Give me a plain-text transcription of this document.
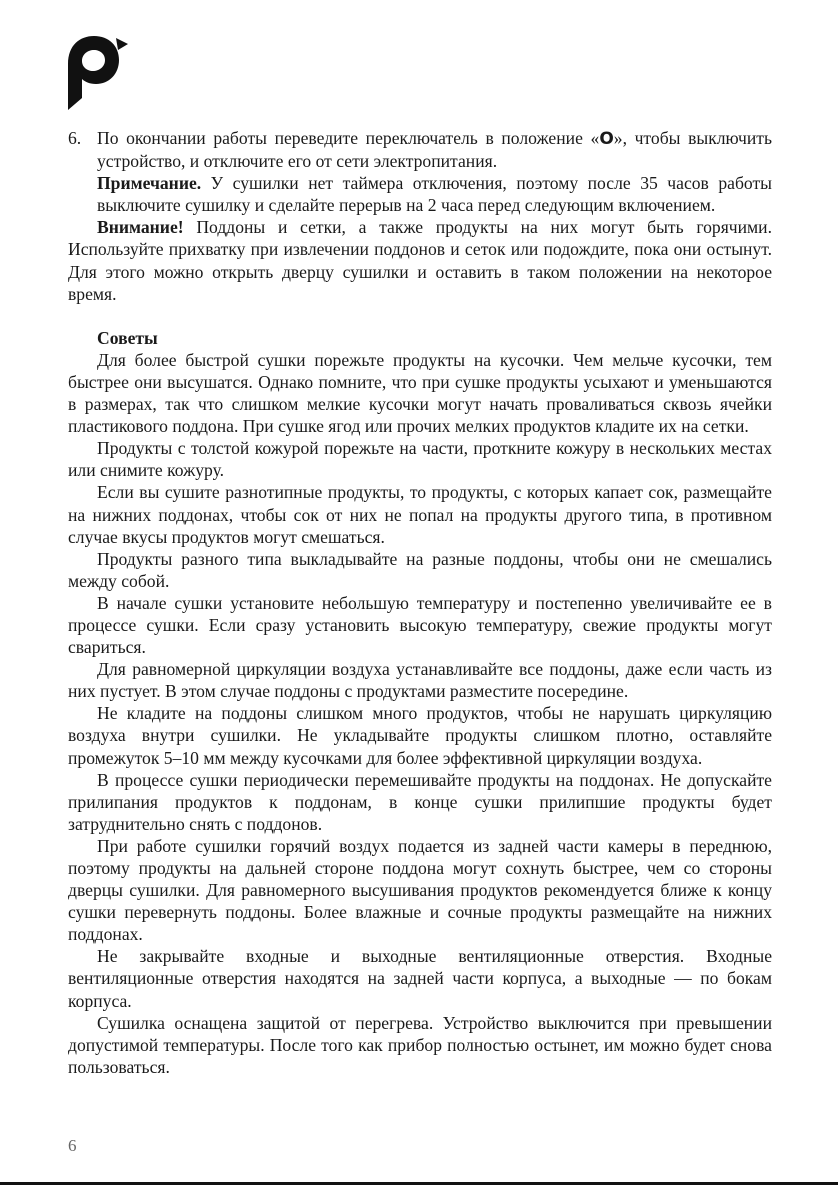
6. По окончании работы переведите переключатель в положение «O», чтобы выключить устройство, и отключите его от сети электропитания.

Примечание. У сушилки нет таймера отключения, поэтому после 35 часов работы выключите сушилку и сделайте перерыв на 2 часа перед следующим включением.

Внимание! Поддоны и сетки, а также продукты на них могут быть горячими. Используйте прихватку при извлечении поддонов и сеток или подождите, пока они остынут. Для этого можно открыть дверцу сушилки и оставить в таком положении на некоторое время.

Советы

Для более быстрой сушки порежьте продукты на кусочки. Чем мельче кусочки, тем быстрее они высушатся. Однако помните, что при сушке продукты усыхают и уменьшаются в размерах, так что слишком мелкие кусочки могут начать проваливаться сквозь ячейки пластикового поддона. При сушке ягод или прочих мелких продуктов кладите их на сетки.

Продукты с толстой кожурой порежьте на части, проткните кожуру в нескольких местах или снимите кожуру.

Если вы сушите разнотипные продукты, то продукты, с которых капает сок, размещайте на нижних поддонах, чтобы сок от них не попал на продукты другого типа, в противном случае вкусы продуктов могут смешаться.

Продукты разного типа выкладывайте на разные поддоны, чтобы они не смешались между собой.

В начале сушки установите небольшую температуру и постепенно увеличивайте ее в процессе сушки. Если сразу установить высокую температуру, свежие продукты могут свариться.

Для равномерной циркуляции воздуха устанавливайте все поддоны, даже если часть из них пустует. В этом случае поддоны с продуктами разместите посередине.

Не кладите на поддоны слишком много продуктов, чтобы не нарушать циркуляцию воздуха внутри сушилки. Не укладывайте продукты слишком плотно, оставляйте промежуток 5–10 мм между кусочками для более эффективной циркуляции воздуха.

В процессе сушки периодически перемешивайте продукты на поддонах. Не допускайте прилипания продуктов к поддонам, в конце сушки прилипшие продукты будет затруднительно снять с поддонов.

При работе сушилки горячий воздух подается из задней части камеры в переднюю, поэтому продукты на дальней стороне поддона могут сохнуть быстрее, чем со стороны дверцы сушилки. Для равномерного высушивания продуктов рекомендуется ближе к концу сушки перевернуть поддоны. Более влажные и сочные продукты размещайте на нижних поддонах.

Не закрывайте входные и выходные вентиляционные отверстия. Входные вентиляционные отверстия находятся на задней части корпуса, а выходные — по бокам корпуса.

Сушилка оснащена защитой от перегрева. Устройство выключится при превышении допустимой температуры. После того как прибор полностью остынет, им можно будет снова пользоваться.

6
